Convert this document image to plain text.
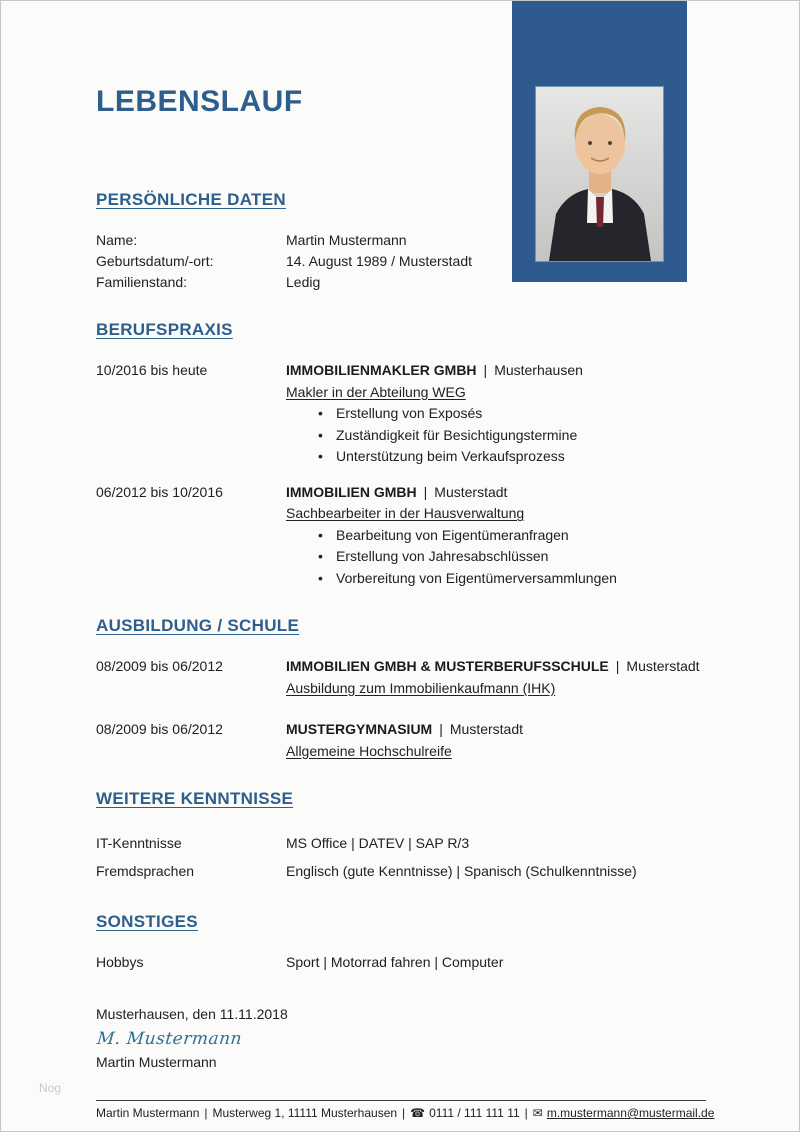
LEBENSLAUF
PERSÖNLICHE DATEN
Name:	Martin Mustermann
Geburtsdatum/-ort:	14. August 1989 / Musterstadt
Familienstand:	Ledig
BERUFSPRAXIS
10/2016 bis heute	IMMOBILIENMAKLER GMBH | Musterhausen
Makler in der Abteilung WEG
• Erstellung von Exposés
• Zuständigkeit für Besichtigungstermine
• Unterstützung beim Verkaufsprozess
06/2012 bis 10/2016	IMMOBILIEN GMBH | Musterstadt
Sachbearbeiter in der Hausverwaltung
• Bearbeitung von Eigentümeranfragen
• Erstellung von Jahresabschlüssen
• Vorbereitung von Eigentümerversammlungen
AUSBILDUNG / SCHULE
08/2009 bis 06/2012	IMMOBILIEN GMBH & MUSTERBERUFSSCHULE | Musterstadt
Ausbildung zum Immobilienkaufmann (IHK)
08/2009 bis 06/2012	MUSTERGYMNASIUM | Musterstadt
Allgemeine Hochschulreife
WEITERE KENNTNISSE
IT-Kenntnisse	MS Office | DATEV | SAP R/3
Fremdsprachen	Englisch (gute Kenntnisse) | Spanisch (Schulkenntnisse)
SONSTIGES
Hobbys	Sport | Motorrad fahren | Computer
Musterhausen, den 11.11.2018
M. Mustermann
Martin Mustermann
Martin Mustermann | Musterweg 1, 11111 Musterhausen | ☎ 0111 / 111 111 11 | ✉ m.mustermann@mustermail.de
Nog
